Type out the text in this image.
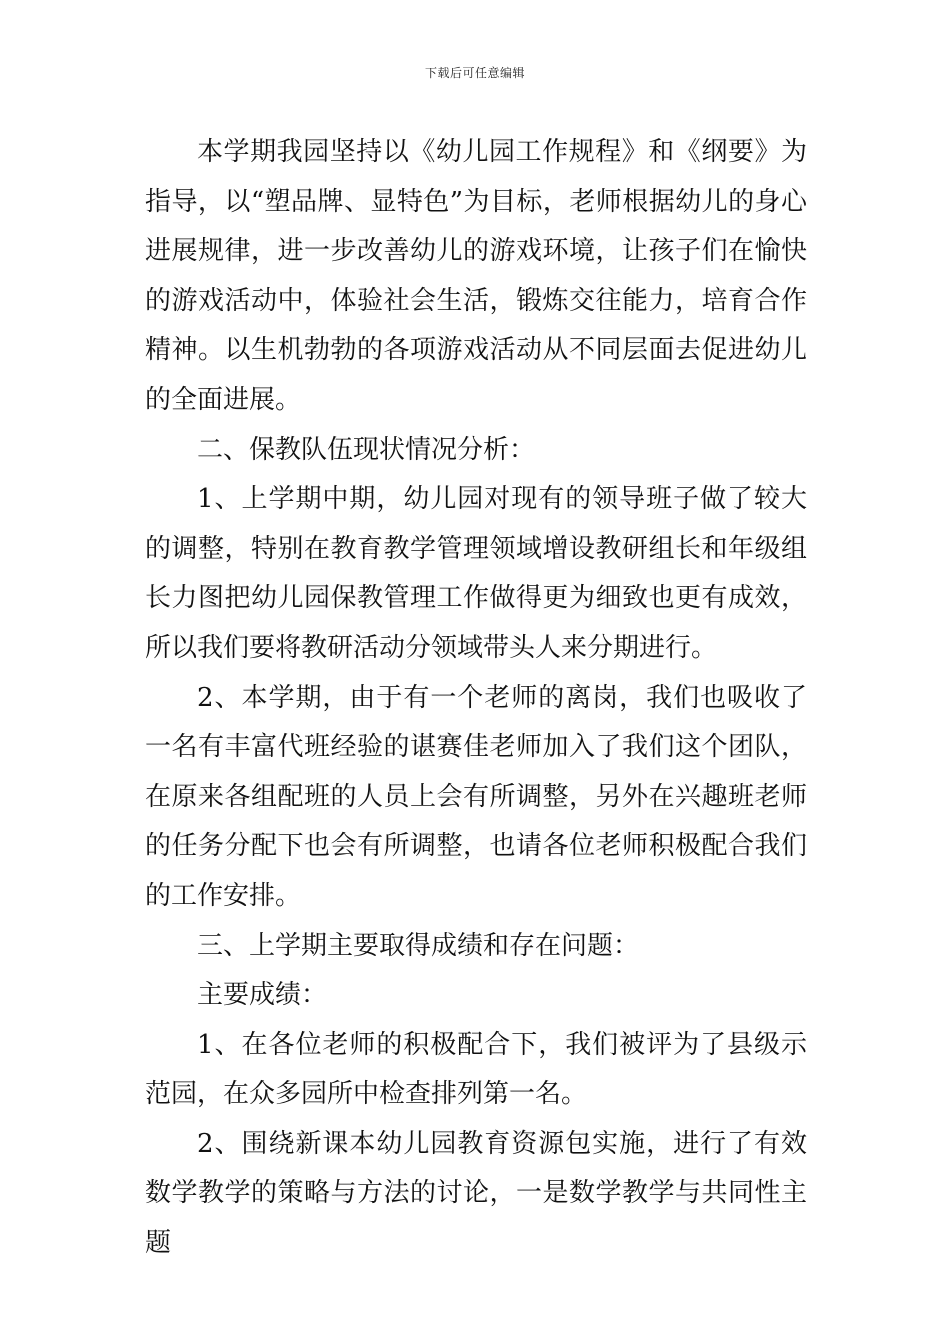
下载后可任意编辑

本学期我园坚持以《幼儿园工作规程》和《纲要》为指导，以“塑品牌、显特色”为目标，老师根据幼儿的身心进展规律，进一步改善幼儿的游戏环境，让孩子们在愉快的游戏活动中，体验社会生活，锻炼交往能力，培育合作精神。以生机勃勃的各项游戏活动从不同层面去促进幼儿的全面进展。

二、保教队伍现状情况分析：

1、上学期中期，幼儿园对现有的领导班子做了较大的调整，特别在教育教学管理领域增设教研组长和年级组长力图把幼儿园保教管理工作做得更为细致也更有成效，所以我们要将教研活动分领域带头人来分期进行。

2、本学期，由于有一个老师的离岗，我们也吸收了一名有丰富代班经验的谌赛佳老师加入了我们这个团队，在原来各组配班的人员上会有所调整，另外在兴趣班老师的任务分配下也会有所调整，也请各位老师积极配合我们的工作安排。

三、上学期主要取得成绩和存在问题：

主要成绩：

1、在各位老师的积极配合下，我们被评为了县级示范园，在众多园所中检查排列第一名。

2、围绕新课本幼儿园教育资源包实施，进行了有效数学教学的策略与方法的讨论，一是数学教学与共同性主题
